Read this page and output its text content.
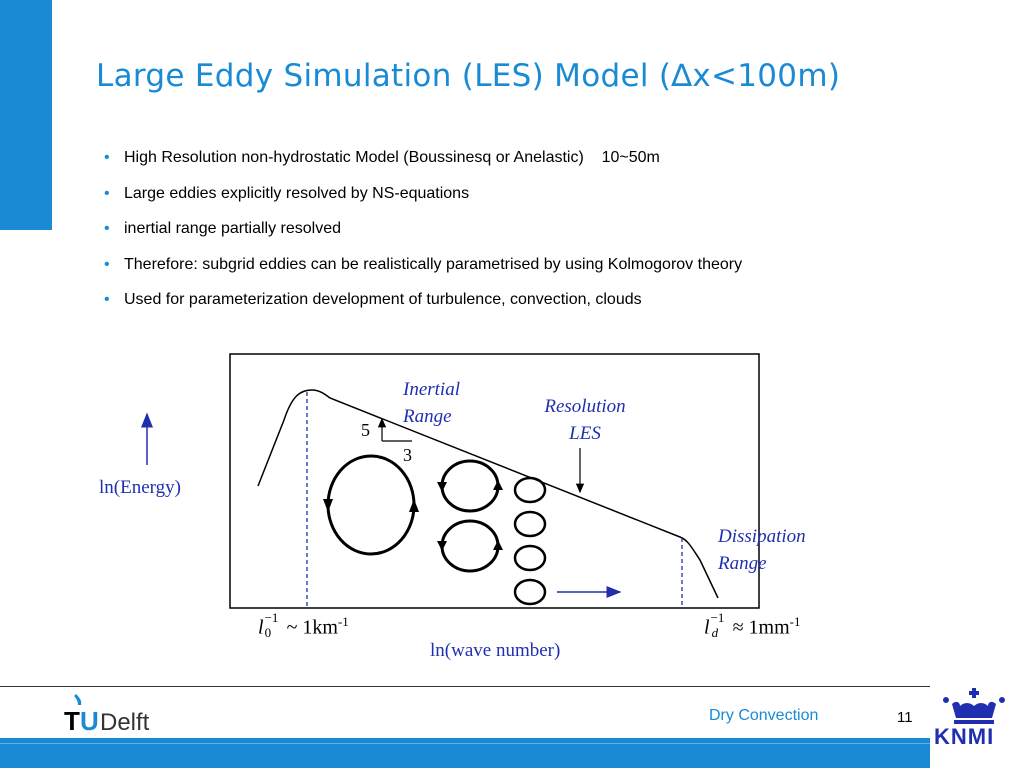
Large Eddy Simulation (LES) Model (∆x<100m)
• High Resolution non-hydrostatic Model (Boussinesq or Anelastic)    10~50m
• Large eddies explicitly resolved by NS-equations
• inertial range partially resolved
• Therefore: subgrid eddies can be realistically parametrised by using Kolmogorov theory
• Used for parameterization development of turbulence, convection, clouds
Inertial
Range	Resolution
LES
Dissipation
Range
5
3
ln(Energy)
ln(wave number)
l −1
0 ~ $1km^{-1}$	l −1
$d \approx 1mm^{-1}$
T U Delft	Dry Convection	11
KNMI
